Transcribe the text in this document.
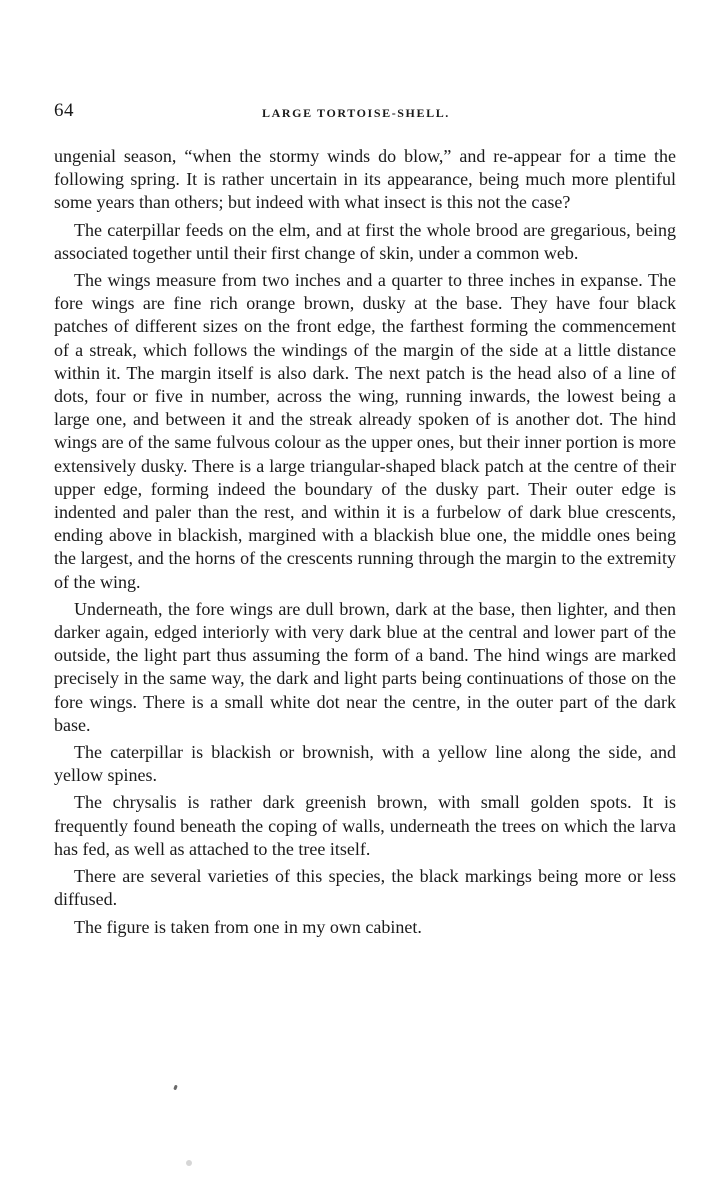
64	LARGE TORTOISE-SHELL.

ungenial season, “when the stormy winds do blow,” and re-appear for a time the following spring. It is rather uncertain in its appearance, being much more plentiful some years than others; but indeed with what insect is this not the case?

The caterpillar feeds on the elm, and at first the whole brood are gregarious, being associated together until their first change of skin, under a common web.

The wings measure from two inches and a quarter to three inches in expanse. The fore wings are fine rich orange brown, dusky at the base. They have four black patches of different sizes on the front edge, the farthest forming the commencement of a streak, which follows the windings of the margin of the side at a little distance within it. The margin itself is also dark. The next patch is the head also of a line of dots, four or five in number, across the wing, running inwards, the lowest being a large one, and between it and the streak already spoken of is another dot. The hind wings are of the same fulvous colour as the upper ones, but their inner portion is more extensively dusky. There is a large triangular-shaped black patch at the centre of their upper edge, forming indeed the boundary of the dusky part. Their outer edge is indented and paler than the rest, and within it is a furbelow of dark blue crescents, ending above in blackish, margined with a blackish blue one, the middle ones being the largest, and the horns of the crescents running through the margin to the extremity of the wing.

Underneath, the fore wings are dull brown, dark at the base, then lighter, and then darker again, edged interiorly with very dark blue at the central and lower part of the outside, the light part thus assuming the form of a band. The hind wings are marked precisely in the same way, the dark and light parts being continuations of those on the fore wings. There is a small white dot near the centre, in the outer part of the dark base.

The caterpillar is blackish or brownish, with a yellow line along the side, and yellow spines.

The chrysalis is rather dark greenish brown, with small golden spots. It is frequently found beneath the coping of walls, underneath the trees on which the larva has fed, as well as attached to the tree itself.

There are several varieties of this species, the black markings being more or less diffused.

The figure is taken from one in my own cabinet.
